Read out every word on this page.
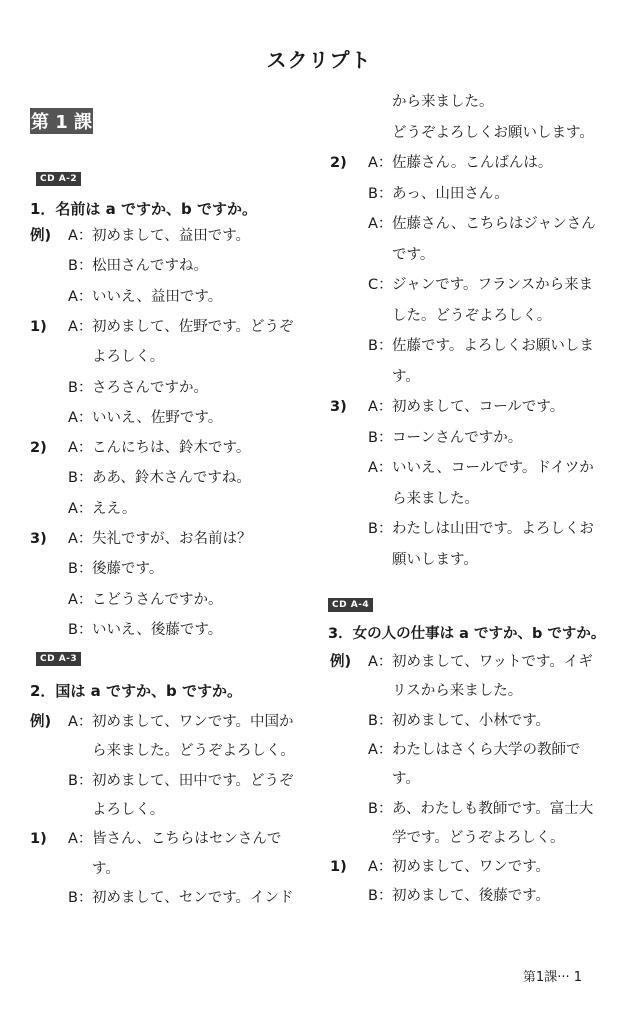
スクリプト
第 1 課
CD A-2
1．名前は a ですか、b ですか。
例) A：初めまして、益田です。
B：松田さんですね。
A：いいえ、益田です。
1) A：初めまして、佐野です。どうぞ
よろしく。
B：さろさんですか。
A：いいえ、佐野です。
2) A：こんにちは、鈴木です。
B：ああ、鈴木さんですね。
A：ええ。
3) A：失礼ですが、お名前は？
B：後藤です。
A：こどうさんですか。
B：いいえ、後藤です。
CD A-3
2．国は a ですか、b ですか。
例) A：初めまして、ワンです。中国か
ら来ました。どうぞよろしく。
B：初めまして、田中です。どうぞ
よろしく。
1) A：皆さん、こちらはセンさんで
す。
B：初めまして、センです。インド
から来ました。
どうぞよろしくお願いします。
2) A：佐藤さん。こんばんは。
B：あっ、山田さん。
A：佐藤さん、こちらはジャンさん
です。
C：ジャンです。フランスから来ま
した。どうぞよろしく。
B：佐藤です。よろしくお願いしま
す。
3) A：初めまして、コールです。
B：コーンさんですか。
A：いいえ、コールです。ドイツか
ら来ました。
B：わたしは山田です。よろしくお
願いします。
CD A-4
3．女の人の仕事は a ですか、b ですか。
例) A：初めまして、ワットです。イギ
リスから来ました。
B：初めまして、小林です。
A：わたしはさくら大学の教師で
す。
B：あ、わたしも教師です。富士大
学です。どうぞよろしく。
1) A：初めまして、ワンです。
B：初めまして、後藤です。
第1課··· 1
